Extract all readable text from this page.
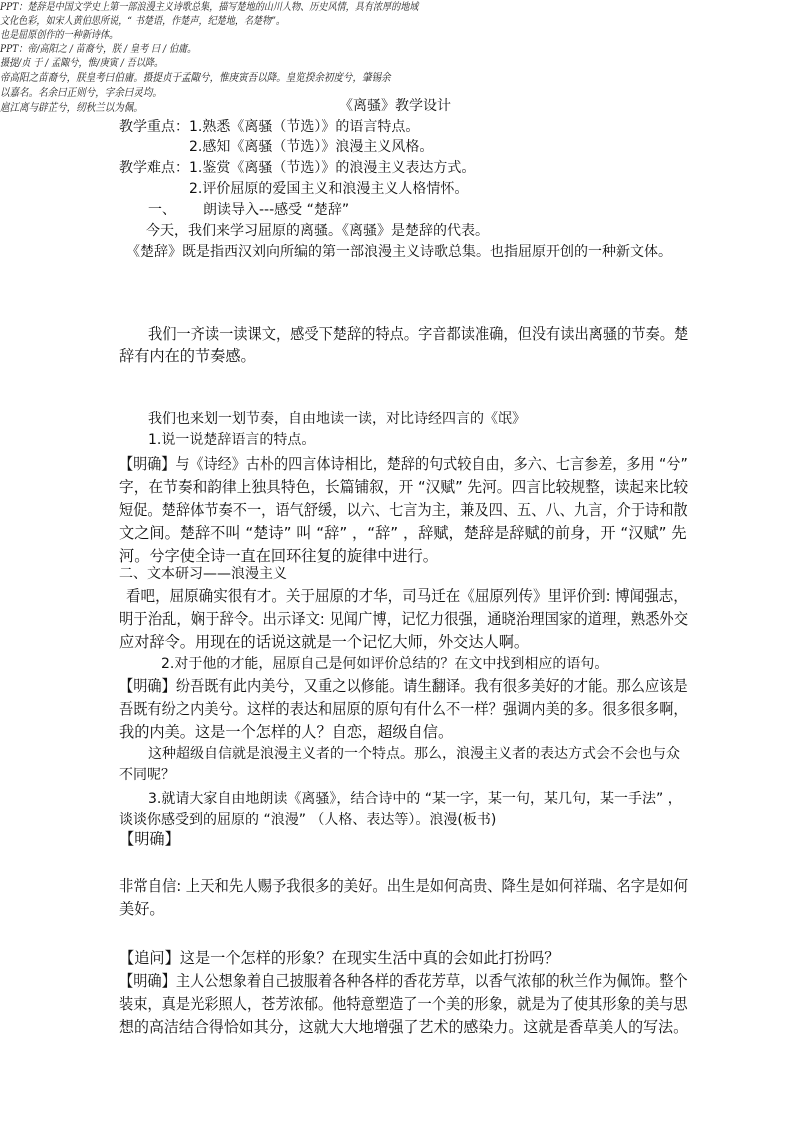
《离骚》教学设计
教学重点： 1.熟悉《离骚（节选）》的语言特点。
2.感知《离骚（节选）》浪漫主义风格。
教学难点： 1.鉴赏《离骚（节选）》的浪漫主义表达方式。
2.评价屈原的爱国主义和浪漫主义人格情怀。
一、 朗读导入---感受 “楚辞”
今天，我们来学习屈原的离骚。《离骚》是楚辞的代表。
《楚辞》既是指西汉刘向所编的第一部浪漫主义诗歌总集。也指屈原开创的一种新文体。
PPT：楚辞是中国文学史上第一部浪漫主义诗歌总集，描写楚地的山川人物、历史风情，具有浓厚的地域
文化色彩，如宋人黄伯思所说，“ 书楚语，作楚声，纪楚地，名楚物”。
也是屈原创作的一种新诗体。
我们一齐读一读课文，感受下楚辞的特点。字音都读准确，但没有读出离骚的节奏。楚
辞有内在的节奏感。
PPT：帝/高阳之 / 苗裔兮，朕 / 皇考 曰 / 伯庸。
摄提/贞 于 / 孟陬兮，惟/庚寅 / 吾以降。
我们也来划一划节奏，自由地读一读，对比诗经四言的《氓》
1.说一说楚辞语言的特点。
【明确】与《诗经》古朴的四言体诗相比，楚辞的句式较自由，多六、七言参差，多用 “兮”
字，在节奏和韵律上独具特色，长篇铺叙，开 “汉赋” 先河。四言比较规整，读起来比较
短促。楚辞体节奏不一，语气舒缓，以六、七言为主，兼及四、五、八、九言，介于诗和散
文之间。楚辞不叫 “楚诗” 叫 “辞” ，“辞” ，辞赋，楚辞是辞赋的前身，开 “汉赋” 先
河。兮字使全诗一直在回环往复的旋律中进行。
二、文本研习——浪漫主义
看吧，屈原确实很有才。关于屈原的才华，司马迁在《屈原列传》里评价到: 博闻强志，
明于治乱，娴于辞令。出示译文: 见闻广博，记忆力很强，通晓治理国家的道理，熟悉外交
应对辞令。用现在的话说这就是一个记忆大师，外交达人啊。
2.对于他的才能，屈原自己是何如评价总结的？在文中找到相应的语句。
【明确】纷吾既有此内美兮，又重之以修能。请生翻译。我有很多美好的才能。那么应该是
吾既有纷之内美兮。这样的表达和屈原的原句有什么不一样？强调内美的多。很多很多啊，
我的内美。这是一个怎样的人？自恋，超级自信。
这种超级自信就是浪漫主义者的一个特点。那么，浪漫主义者的表达方式会不会也与众
不同呢？
3.就请大家自由地朗读《离骚》，结合诗中的 “某一字，某一句，某几句，某一手法” ，
谈谈你感受到的屈原的 “浪漫” （人格、表达等）。浪漫(板书)
【明确】
帝高阳之苗裔兮，朕皇考曰伯庸。摄提贞于孟陬兮，惟庚寅吾以降。皇览揆余初度兮，肇锡余
以嘉名。名余曰正则兮，字余曰灵均。
非常自信: 上天和先人赐予我很多的美好。出生是如何高贵、降生是如何祥瑞、名字是如何
美好。
扈江离与辟芷兮，纫秋兰以为佩。
【追问】这是一个怎样的形象？在现实生活中真的会如此打扮吗？
【明确】主人公想象着自己披服着各种各样的香花芳草，以香气浓郁的秋兰作为佩饰。整个
装束，真是光彩照人，苍芳浓郁。他特意塑造了一个美的形象，就是为了使其形象的美与思
想的高洁结合得恰如其分，这就大大地增强了艺术的感染力。这就是香草美人的写法。
